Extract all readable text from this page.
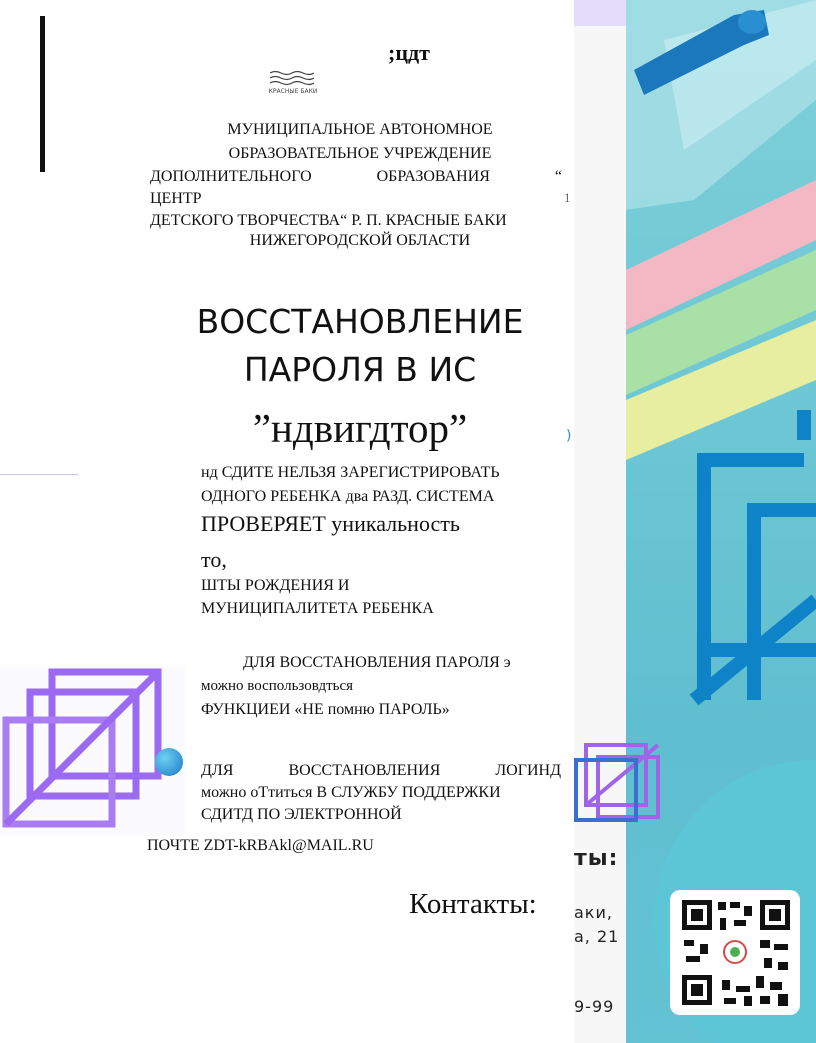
ты:
аки,
а, 21
9-99
;цдт
КРАСНЫЕ БАКИ
МУНИЦИПАЛЬНОЕ АВТОНОМНОЕ
ОБРАЗОВАТЕЛЬНОЕ УЧРЕЖДЕНИЕ
ДОПОЛНИТЕЛЬНОГО	ОБРАЗОВАНИЯ	“
ЦЕНТР	1
ДЕТСКОГО ТВОРЧЕСТВА“ Р. П. КРАСНЫЕ БАКИ
НИЖЕГОРОДСКОЙ ОБЛАСТИ
ВОССТАНОВЛЕНИЕ
ПАРОЛЯ В ИС
”ндвигдтор”	)
нд СДИТЕ НЕЛЬЗЯ ЗАРЕГИСТРИРОВАТЬ
ОДНОГО РЕБЕНКА два РАЗД. СИСТЕМА
ПРОВЕРЯЕТ уникальность
то,
ШТЫ РОЖДЕНИЯ И
МУНИЦИПАЛИТЕТА РЕБЕНКА
ДЛЯ ВОССТАНОВЛЕНИЯ ПАРОЛЯ э
можно воспользовдться
ФУНКЦИЕИ «НЕ помню ПАРОЛЬ»
ДЛЯ	ВОССТАНОВЛЕНИЯ	ЛОГИНД
можно оТтиться В СЛУЖБУ ПОДДЕРЖКИ
СДИТД ПО ЭЛЕКТРОННОЙ
ПОЧТЕ ZDT-kRBAkl@MAIL.RU
Контакты:
